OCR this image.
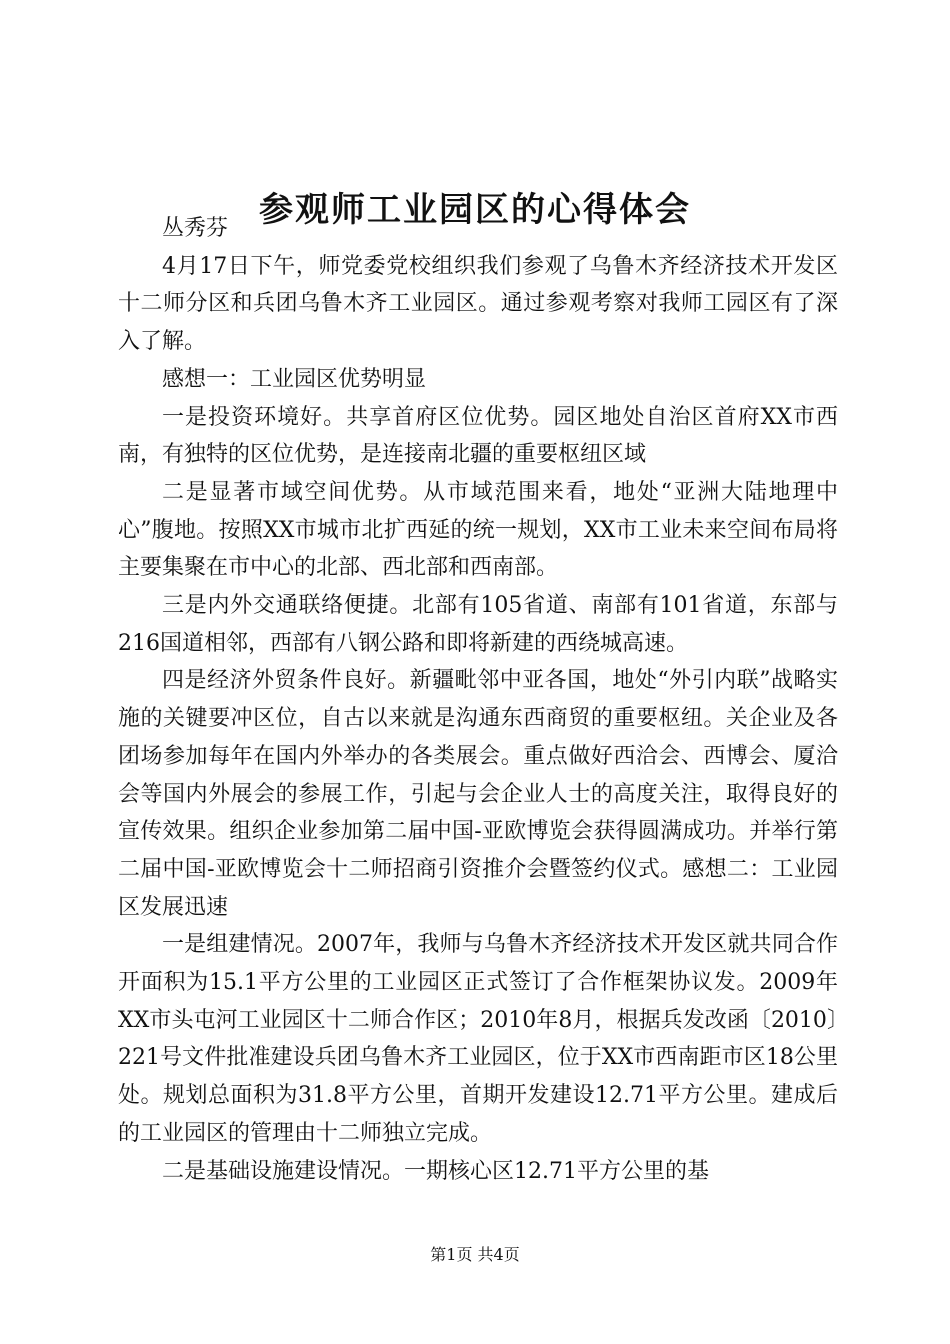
参观师工业园区的心得体会

丛秀芬

4月17日下午，师党委党校组织我们参观了乌鲁木齐经济技术开发区十二师分区和兵团乌鲁木齐工业园区。通过参观考察对我师工园区有了深入了解。

感想一：工业园区优势明显

一是投资环境好。共享首府区位优势。园区地处自治区首府XX市西南，有独特的区位优势，是连接南北疆的重要枢纽区域

二是显著市域空间优势。从市域范围来看，地处“亚洲大陆地理中心”腹地。按照XX市城市北扩西延的统一规划，XX市工业未来空间布局将主要集聚在市中心的北部、西北部和西南部。

三是内外交通联络便捷。北部有105省道、南部有101省道，东部与216国道相邻，西部有八钢公路和即将新建的西绕城高速。

四是经济外贸条件良好。新疆毗邻中亚各国，地处“外引内联”战略实施的关键要冲区位，自古以来就是沟通东西商贸的重要枢纽。关企业及各团场参加每年在国内外举办的各类展会。重点做好西洽会、西博会、厦洽会等国内外展会的参展工作，引起与会企业人士的高度关注，取得良好的宣传效果。组织企业参加第二届中国-亚欧博览会获得圆满成功。并举行第二届中国-亚欧博览会十二师招商引资推介会暨签约仪式。感想二：工业园区发展迅速

一是组建情况。2007年，我师与乌鲁木齐经济技术开发区就共同合作开面积为15.1平方公里的工业园区正式签订了合作框架协议发。2009年XX市头屯河工业园区十二师合作区；2010年8月，根据兵发改函〔2010〕221号文件批准建设兵团乌鲁木齐工业园区，位于XX市西南距市区18公里处。规划总面积为31.8平方公里，首期开发建设12.71平方公里。建成后的工业园区的管理由十二师独立完成。

二是基础设施建设情况。一期核心区12.71平方公里的基

第1页 共4页
